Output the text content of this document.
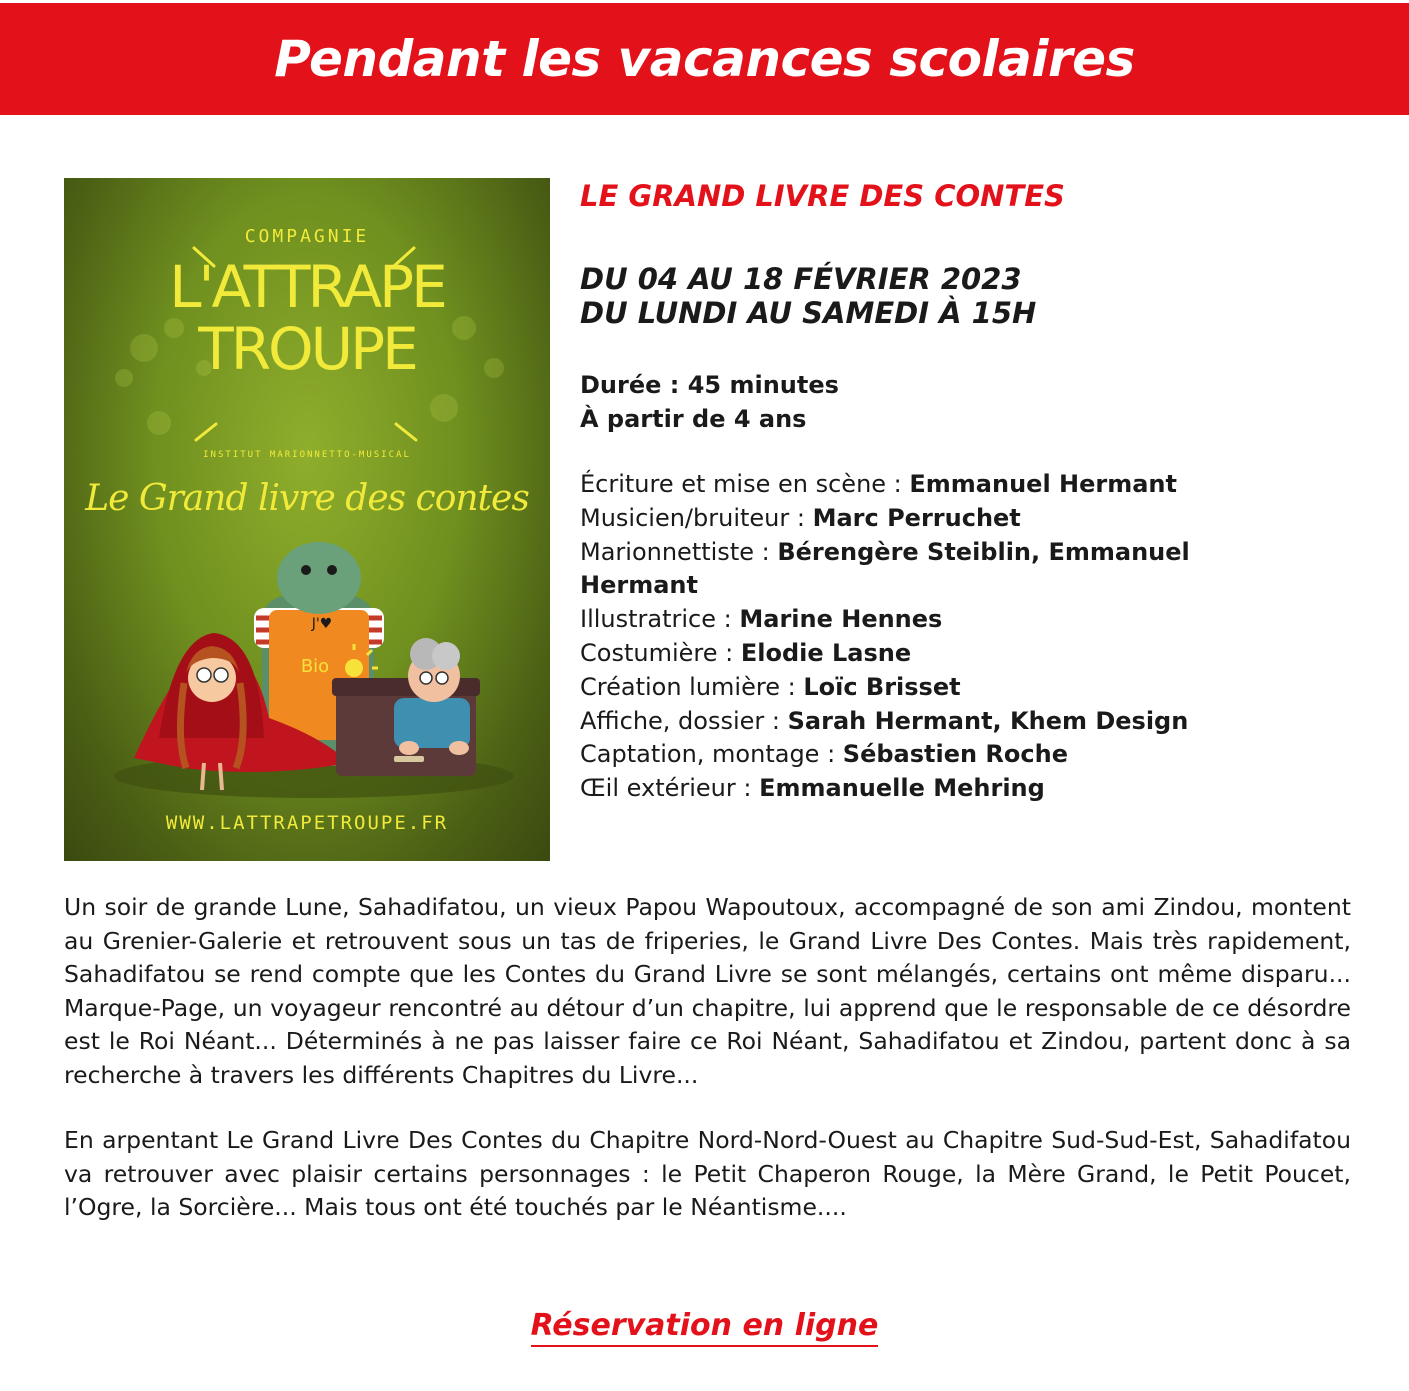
Pendant les vacances scolaires
COMPAGNIE
L'ATTRAPE
TROUPE
INSTITUT MARIONNETTO-MUSICAL
Le Grand livre des contes
J'♥
Bio
WWW.LATTRAPETROUPE.FR
LE GRAND LIVRE DES CONTES
DU 04 AU 18 FÉVRIER 2023
DU LUNDI AU SAMEDI À 15H
Durée : 45 minutes
À partir de 4 ans
Écriture et mise en scène : Emmanuel Hermant
Musicien/bruiteur : Marc Perruchet
Marionnettiste : Bérengère Steiblin, Emmanuel Hermant
Illustratrice : Marine Hennes
Costumière : Elodie Lasne
Création lumière : Loïc Brisset
Affiche, dossier : Sarah Hermant, Khem Design
Captation, montage : Sébastien Roche
Œil extérieur : Emmanuelle Mehring

Un soir de grande Lune, Sahadifatou, un vieux Papou Wapoutoux, accompagné de son ami Zindou, montent au Grenier-Galerie et retrouvent sous un tas de friperies, le Grand Livre Des Contes. Mais très rapidement, Sahadifatou se rend compte que les Contes du Grand Livre se sont mélangés, certains ont même disparu... Marque-Page, un voyageur rencontré au détour d’un chapitre, lui apprend que le responsable de ce désordre est le Roi Néant... Déterminés à ne pas laisser faire ce Roi Néant, Sahadifatou et Zindou, partent donc à sa recherche à travers les différents Chapitres du Livre...

En arpentant Le Grand Livre Des Contes du Chapitre Nord-Nord-Ouest au Chapitre Sud-Sud-Est, Sahadifatou va retrouver avec plaisir certains personnages : le Petit Chaperon Rouge, la Mère Grand, le Petit Poucet, l’Ogre, la Sorcière... Mais tous ont été touchés par le Néantisme....

Réservation en ligne
